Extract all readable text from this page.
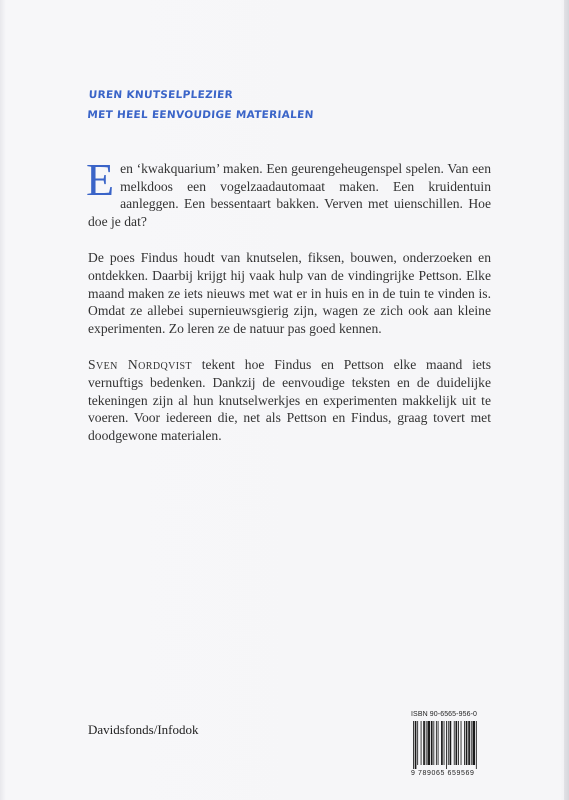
UREN KNUTSELPLEZIER
MET HEEL EENVOUDIGE MATERIALEN

Een ‘kwakquarium’ maken. Een geurengeheugenspel spelen. Van een melkdoos een vogelzaadautomaat maken. Een kruidentuin aanleggen. Een bessentaart bakken. Verven met uienschillen. Hoe doe je dat?

De poes Findus houdt van knutselen, fiksen, bouwen, onderzoeken en ontdekken. Daarbij krijgt hij vaak hulp van de vindingrijke Pettson. Elke maand maken ze iets nieuws met wat er in huis en in de tuin te vinden is. Omdat ze allebei supernieuwsgierig zijn, wagen ze zich ook aan kleine experimenten. Zo leren ze de natuur pas goed kennen.

Sven Nordqvist tekent hoe Findus en Pettson elke maand iets vernuftigs bedenken. Dankzij de eenvoudige teksten en de duidelijke tekeningen zijn al hun knutselwerkjes en experimenten makkelijk uit te voeren. Voor iedereen die, net als Pettson en Findus, graag tovert met doodgewone materialen.

Davidsfonds/Infodok
ISBN 90-6565-956-0
9 789065 659569
